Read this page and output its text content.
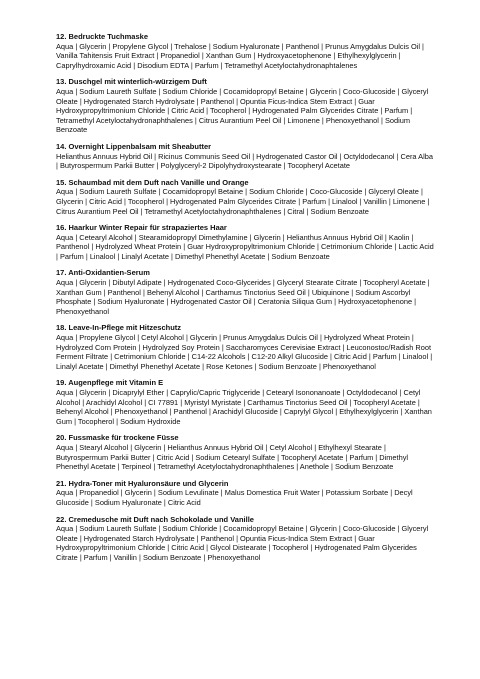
12. Bedruckte Tuchmaske

Aqua | Glycerin | Propylene Glycol | Trehalose | Sodium Hyaluronate | Panthenol | Prunus Amygdalus Dulcis Oil | Vanilla Tahitensis Fruit Extract | Propanediol | Xanthan Gum | Hydroxyacetophenone | Ethylhexylglycerin | Caprylhydroxamic Acid | Disodium EDTA | Parfum | Tetramethyl Acetyloctahydronaphtalenes

13. Duschgel mit winterlich-würzigem Duft

Aqua | Sodium Laureth Sulfate | Sodium Chloride | Cocamidopropyl Betaine | Glycerin | Coco-Glucoside | Glyceryl Oleate | Hydrogenated Starch Hydrolysate | Panthenol | Opuntia Ficus-Indica Stem Extract | Guar Hydroxypropyltrimonium Chloride | Citric Acid | Tocopherol | Hydrogenated Palm Glycerides Citrate | Parfum | Tetramethyl Acetyloctahydronaphthalenes | Citrus Aurantium Peel Oil | Limonene | Phenoxyethanol | Sodium Benzoate

14. Overnight Lippenbalsam mit Sheabutter

Helianthus Annuus Hybrid Oil | Ricinus Communis Seed Oil | Hydrogenated Castor Oil | Octyldodecanol | Cera Alba | Butyrospermum Parkii Butter | Polyglyceryl-2 Dipolyhydroxystearate | Tocopheryl Acetate

15. Schaumbad mit dem Duft nach Vanille und Orange

Aqua | Sodium Laureth Sulfate | Cocamidopropyl Betaine | Sodium Chloride | Coco-Glucoside | Glyceryl Oleate | Glycerin | Citric Acid | Tocopherol | Hydrogenated Palm Glycerides Citrate | Parfum | Linalool | Vanillin | Limonene | Citrus Aurantium Peel Oil | Tetramethyl Acetyloctahydronaphthalenes | Citral | Sodium Benzoate

16. Haarkur Winter Repair für strapaziertes Haar

Aqua | Cetearyl Alcohol | Stearamidopropyl Dimethylamine | Glycerin | Helianthus Annuus Hybrid Oil | Kaolin | Panthenol | Hydrolyzed Wheat Protein | Guar Hydroxypropyltrimonium Chloride | Cetrimonium Chloride | Lactic Acid | Parfum | Linalool | Linalyl Acetate | Dimethyl Phenethyl Acetate | Sodium Benzoate

17. Anti-Oxidantien-Serum

Aqua | Glycerin | Dibutyl Adipate | Hydrogenated Coco-Glycerides | Glyceryl Stearate Citrate | Tocopheryl Acetate | Xanthan Gum | Panthenol | Behenyl Alcohol | Carthamus Tinctorius Seed Oil | Ubiquinone | Sodium Ascorbyl Phosphate | Sodium Hyaluronate | Hydrogenated Castor Oil | Ceratonia Siliqua Gum | Hydroxyacetophenone | Phenoxyethanol

18. Leave-In-Pflege mit Hitzeschutz

Aqua | Propylene Glycol | Cetyl Alcohol | Glycerin | Prunus Amygdalus Dulcis Oil | Hydrolyzed Wheat Protein | Hydrolyzed Corn Protein | Hydrolyzed Soy Protein | Saccharomyces Cerevisiae Extract | Leuconostoc/Radish Root Ferment Filtrate | Cetrimonium Chloride | C14-22 Alcohols | C12-20 Alkyl Glucoside | Citric Acid | Parfum | Linalool | Linalyl Acetate | Dimethyl Phenethyl Acetate | Rose Ketones | Sodium Benzoate | Phenoxyethanol

19. Augenpflege mit Vitamin E

Aqua | Glycerin | Dicaprylyl Ether | Caprylic/Capric Triglyceride | Cetearyl Isononanoate | Octyldodecanol | Cetyl Alcohol | Arachidyl Alcohol | CI 77891 | Myristyl Myristate | Carthamus Tinctorius Seed Oil | Tocopheryl Acetate | Behenyl Alcohol | Phenoxyethanol | Panthenol | Arachidyl Glucoside | Caprylyl Glycol | Ethylhexylglycerin | Xanthan Gum | Tocopherol | Sodium Hydroxide

20. Fussmaske für trockene Füsse

Aqua | Stearyl Alcohol | Glycerin | Helianthus Annuus Hybrid Oil | Cetyl Alcohol | Ethylhexyl Stearate | Butyrospermum Parkii Butter | Citric Acid | Sodium Cetearyl Sulfate | Tocopheryl Acetate | Parfum | Dimethyl Phenethyl Acetate | Terpineol | Tetramethyl Acetyloctahydronaphthalenes | Anethole | Sodium Benzoate

21. Hydra-Toner mit Hyaluronsäure und Glycerin

Aqua | Propanediol | Glycerin | Sodium Levulinate | Malus Domestica Fruit Water | Potassium Sorbate | Decyl Glucoside | Sodium Hyaluronate | Citric Acid

22. Cremedusche mit Duft nach Schokolade und Vanille

Aqua | Sodium Laureth Sulfate | Sodium Chloride | Cocamidopropyl Betaine | Glycerin | Coco-Glucoside | Glyceryl Oleate | Hydrogenated Starch Hydrolysate | Panthenol | Opuntia Ficus-Indica Stem Extract | Guar Hydroxypropyltrimonium Chloride | Citric Acid | Glycol Distearate | Tocopherol | Hydrogenated Palm Glycerides Citrate | Parfum | Vanillin | Sodium Benzoate | Phenoxyethanol
